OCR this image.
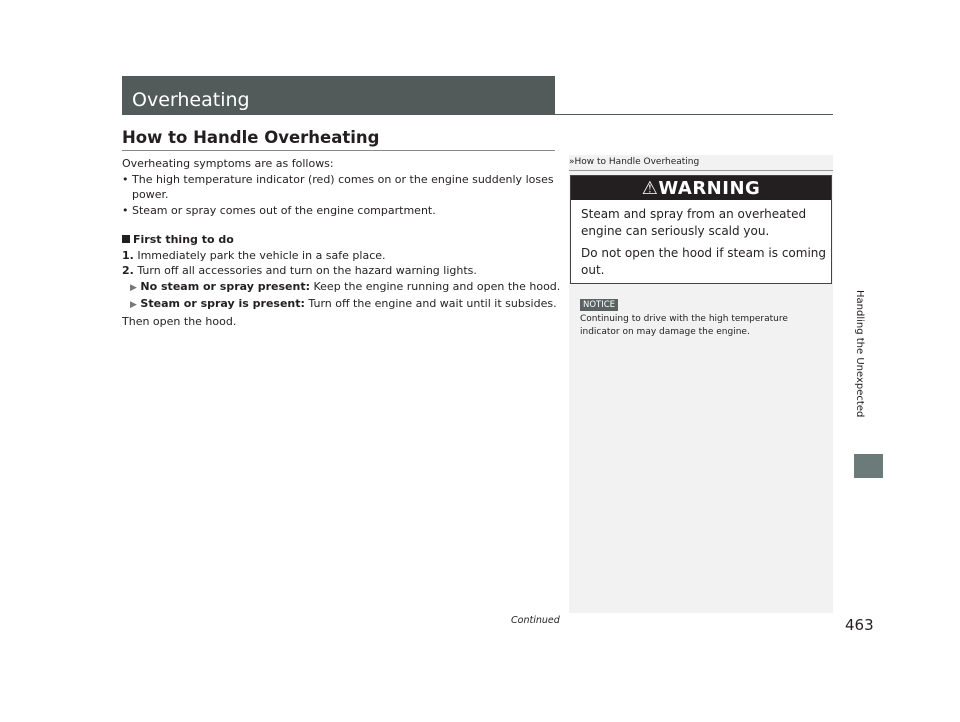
Overheating
How to Handle Overheating

Overheating symptoms are as follows:

• The high temperature indicator (red) comes on or the engine suddenly loses power.

• Steam or spray comes out of the engine compartment.

First thing to do

1. Immediately park the vehicle in a safe place.

2. Turn off all accessories and turn on the hazard warning lights.

▶ No steam or spray present: Keep the engine running and open the hood.

▶ Steam or spray is present: Turn off the engine and wait until it subsides.

Then open the hood.

»How to Handle Overheating
⚠WARNING

Steam and spray from an overheated engine can seriously scald you.

Do not open the hood if steam is coming out.

NOTICE
Continuing to drive with the high temperature indicator on may damage the engine.	Handling the Unexpected
Continued	463
